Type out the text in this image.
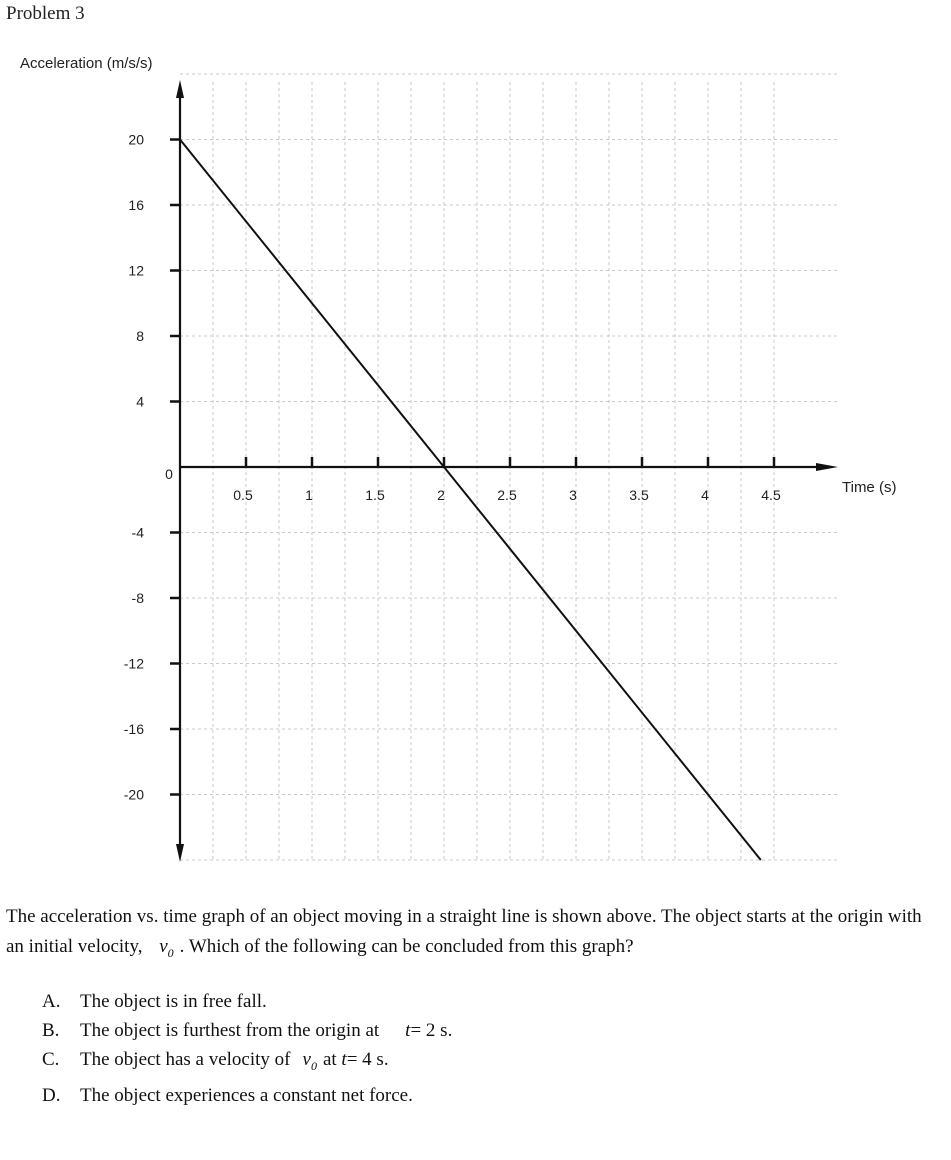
Problem 3
20
16
12
8
4
-4
-8
-12
-16
-20
0.5	1	1.5	2	2.5	3	3.5	4	4.5
Acceleration (m/s/s)
Time (s)
0
The acceleration vs. time graph of an object moving in a straight line is shown above. The object starts at the origin with an initial velocity, $v_0$ . Which of the following can be concluded from this graph?
A. The object is in free fall.
B. The object is furthest from the origin at t= 2 s.
C. The object has a velocity of $v_0$ at t= 4 s.
D. The object experiences a constant net force.
